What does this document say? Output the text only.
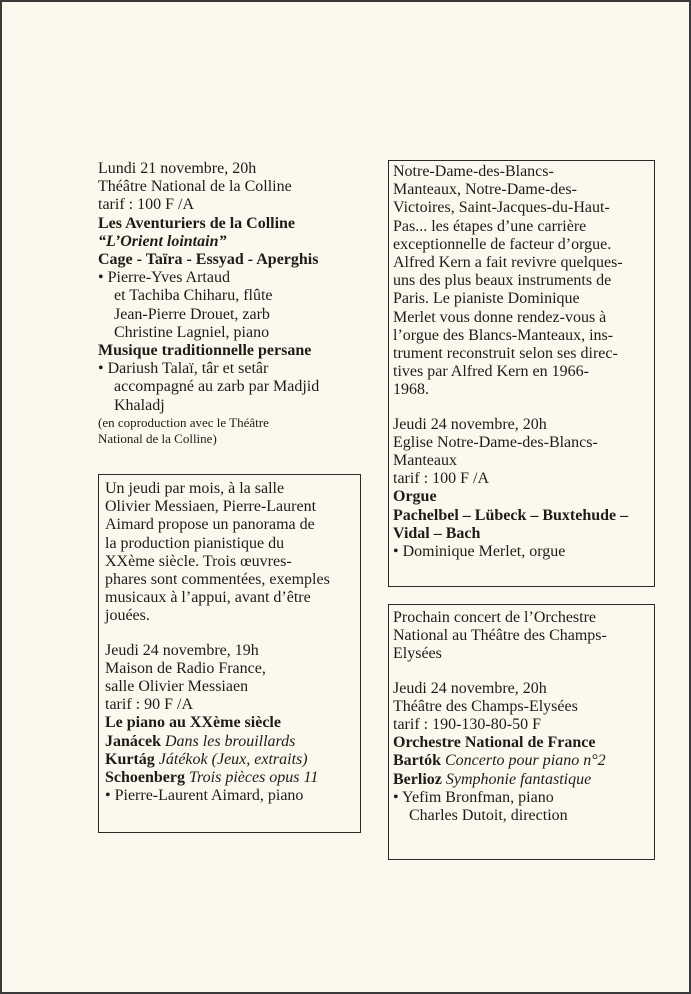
Lundi 21 novembre, 20h
Théâtre National de la Colline
tarif : 100 F /A
Les Aventuriers de la Colline
“L’Orient lointain”
Cage - Taïra - Essyad - Aperghis
• Pierre-Yves Artaud
et Tachiba Chiharu, flûte
Jean-Pierre Drouet, zarb
Christine Lagniel, piano
Musique traditionnelle persane
• Dariush Talaï, târ et setâr
accompagné au zarb par Madjid
Khaladj
(en coproduction avec le Théâtre
National de la Colline)
Un jeudi par mois, à la salle
Olivier Messiaen, Pierre-Laurent
Aimard propose un panorama de
la production pianistique du
XXème siècle. Trois œuvres-
phares sont commentées, exemples
musicaux à l’appui, avant d’être
jouées.
Jeudi 24 novembre, 19h
Maison de Radio France,
salle Olivier Messiaen
tarif : 90 F /A
Le piano au XXème siècle
Janácek Dans les brouillards
Kurtág Játékok (Jeux, extraits)
Schoenberg Trois pièces opus 11
• Pierre-Laurent Aimard, piano
Notre-Dame-des-Blancs-
Manteaux, Notre-Dame-des-
Victoires, Saint-Jacques-du-Haut-
Pas... les étapes d’une carrière
exceptionnelle de facteur d’orgue.
Alfred Kern a fait revivre quelques-
uns des plus beaux instruments de
Paris. Le pianiste Dominique
Merlet vous donne rendez-vous à
l’orgue des Blancs-Manteaux, ins-
trument reconstruit selon ses direc-
tives par Alfred Kern en 1966-
1968.
Jeudi 24 novembre, 20h
Eglise Notre-Dame-des-Blancs-
Manteaux
tarif : 100 F /A
Orgue
Pachelbel – Lübeck – Buxtehude –
Vidal – Bach
• Dominique Merlet, orgue
Prochain concert de l’Orchestre
National au Théâtre des Champs-
Elysées
Jeudi 24 novembre, 20h
Théâtre des Champs-Elysées
tarif : 190-130-80-50 F
Orchestre National de France
Bartók Concerto pour piano n°2
Berlioz Symphonie fantastique
• Yefim Bronfman, piano
Charles Dutoit, direction
